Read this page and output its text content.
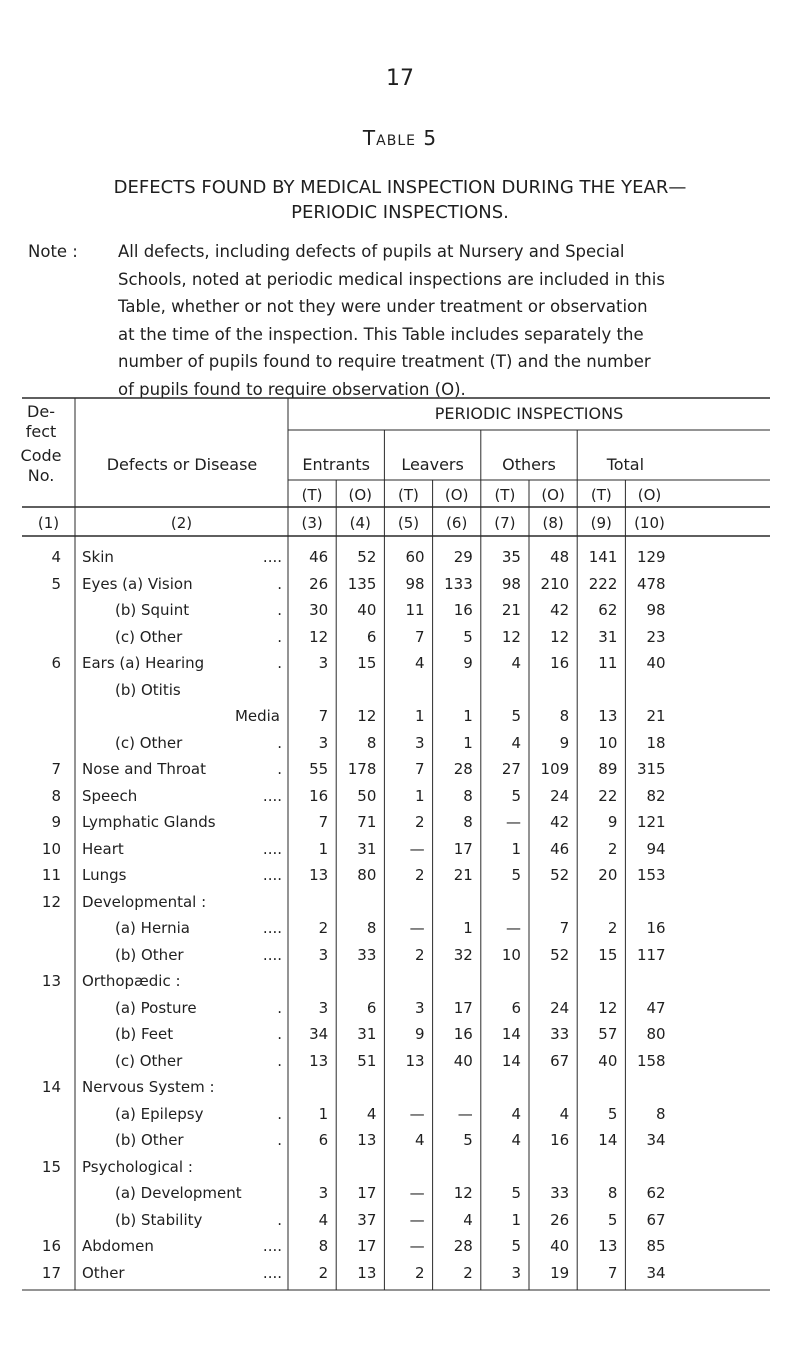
17
Table 5
DEFECTS FOUND BY MEDICAL INSPECTION DURING THE YEAR—
PERIODIC INSPECTIONS.
Note : All defects, including defects of pupils at Nursery and Special
Schools, noted at periodic medical inspections are included in this
Table, whether or not they were under treatment or observation
at the time of the inspection. This Table includes separately the
number of pupils found to require treatment (T) and the number
of pupils found to require observation (O).
De-
fect
Code
No.
Defects or Disease
PERIODIC INSPECTIONS
Entrants	Leavers	Others	Total
(T)	(O)	(T)	(O)	(T)	(O)	(T)	(O)
(1)	(2)	(3)	(4)	(5)	(6)	(7)	(8)	(9)	(10)
4 Skin	....	46	52	60	29	35	48	141	129
5 Eyes (a) Vision	.	26	135	98	133	98	210	222	478
(b) Squint	.	30	40	11	16	21	42	62	98
(c) Other	.	12	6	7	5	12	12	31	23
6 Ears (a) Hearing	.	3	15	4	9	4	16	11	40
(b) Otitis
Media	7	12	1	1	5	8	13	21
(c) Other	.	3	8	3	1	4	9	10	18
7 Nose and Throat	.	55	178	7	28	27	109	89	315
8 Speech	....	16	50	1	8	5	24	22	82
9 Lymphatic Glands	7	71	2	8	—	42	9	121
10 Heart	....	1	31	—	17	1	46	2	94
11 Lungs	....	13	80	2	21	5	52	20	153
12 Developmental :
(a) Hernia	....	2	8	—	1	—	7	2	16
(b) Other	....	3	33	2	32	10	52	15	117
13 Orthopædic :
(a) Posture	.	3	6	3	17	6	24	12	47
(b) Feet	.	34	31	9	16	14	33	57	80
(c) Other	.	13	51	13	40	14	67	40	158
14 Nervous System :
(a) Epilepsy	.	1	4	—	—	4	4	5	8
(b) Other	.	6	13	4	5	4	16	14	34
15 Psychological :
(a) Development	3	17	—	12	5	33	8	62
(b) Stability	.	4	37	—	4	1	26	5	67
16 Abdomen	....	8	17	—	28	5	40	13	85
17 Other	....	2	13	2	2	3	19	7	34
